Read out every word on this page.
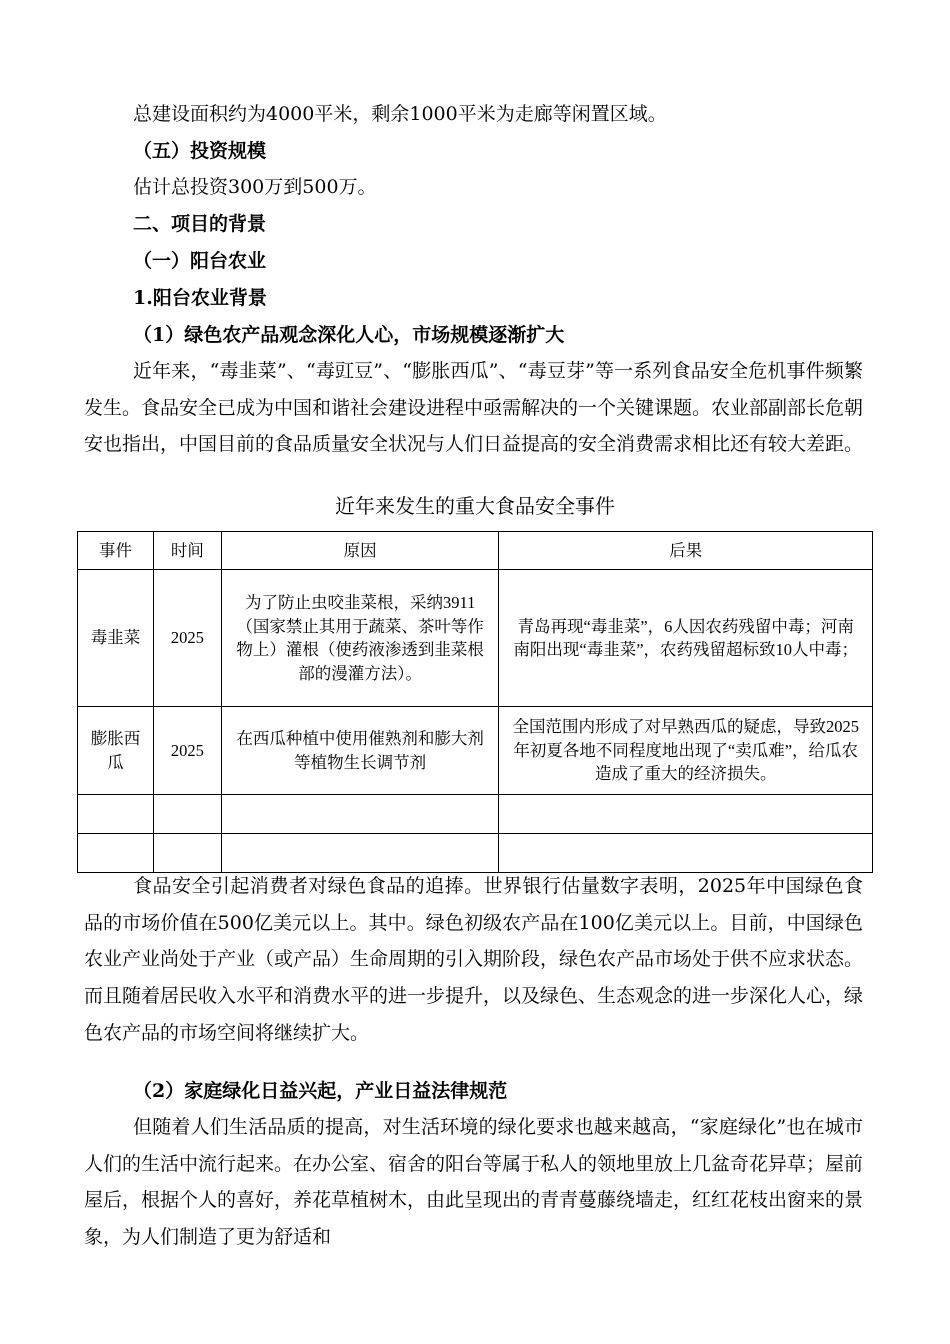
总建设面积约为4000平米，剩余1000平米为走廊等闲置区域。
（五）投资规模
估计总投资300万到500万。
二、项目的背景
（一）阳台农业
1.阳台农业背景
（1）绿色农产品观念深化人心，市场规模逐渐扩大
近年来，“毒韭菜”、“毒豇豆”、“膨胀西瓜”、“毒豆芽”等一系列食品安全危机事件频繁发生。食品安全已成为中国和谐社会建设进程中亟需解决的一个关键课题。农业部副部长危朝安也指出，中国目前的食品质量安全状况与人们日益提高的安全消费需求相比还有较大差距。
近年来发生的重大食品安全事件
事件	时间	原因	后果
毒韭菜	2025	为了防止虫咬韭菜根，采纳3911（国家禁止其用于蔬菜、茶叶等作物上）灌根（使药液渗透到韭菜根部的漫灌方法）。	青岛再现“毒韭菜”，6人因农药残留中毒；河南南阳出现“毒韭菜”，农药残留超标致10人中毒；
膨胀西瓜	2025	在西瓜种植中使用催熟剂和膨大剂等植物生长调节剂	全国范围内形成了对早熟西瓜的疑虑，导致2025年初夏各地不同程度地出现了“卖瓜难”，给瓜农造成了重大的经济损失。

食品安全引起消费者对绿色食品的追捧。世界银行估量数字表明，2025年中国绿色食品的市场价值在500亿美元以上。其中。绿色初级农产品在100亿美元以上。目前，中国绿色农业产业尚处于产业（或产品）生命周期的引入期阶段，绿色农产品市场处于供不应求状态。而且随着居民收入水平和消费水平的进一步提升，以及绿色、生态观念的进一步深化人心，绿色农产品的市场空间将继续扩大。
（2）家庭绿化日益兴起，产业日益法律规范
但随着人们生活品质的提高，对生活环境的绿化要求也越来越高，“家庭绿化”也在城市人们的生活中流行起来。在办公室、宿舍的阳台等属于私人的领地里放上几盆奇花异草；屋前屋后，根据个人的喜好，养花草植树木，由此呈现出的青青蔓藤绕墙走，红红花枝出窗来的景象，为人们制造了更为舒适和
